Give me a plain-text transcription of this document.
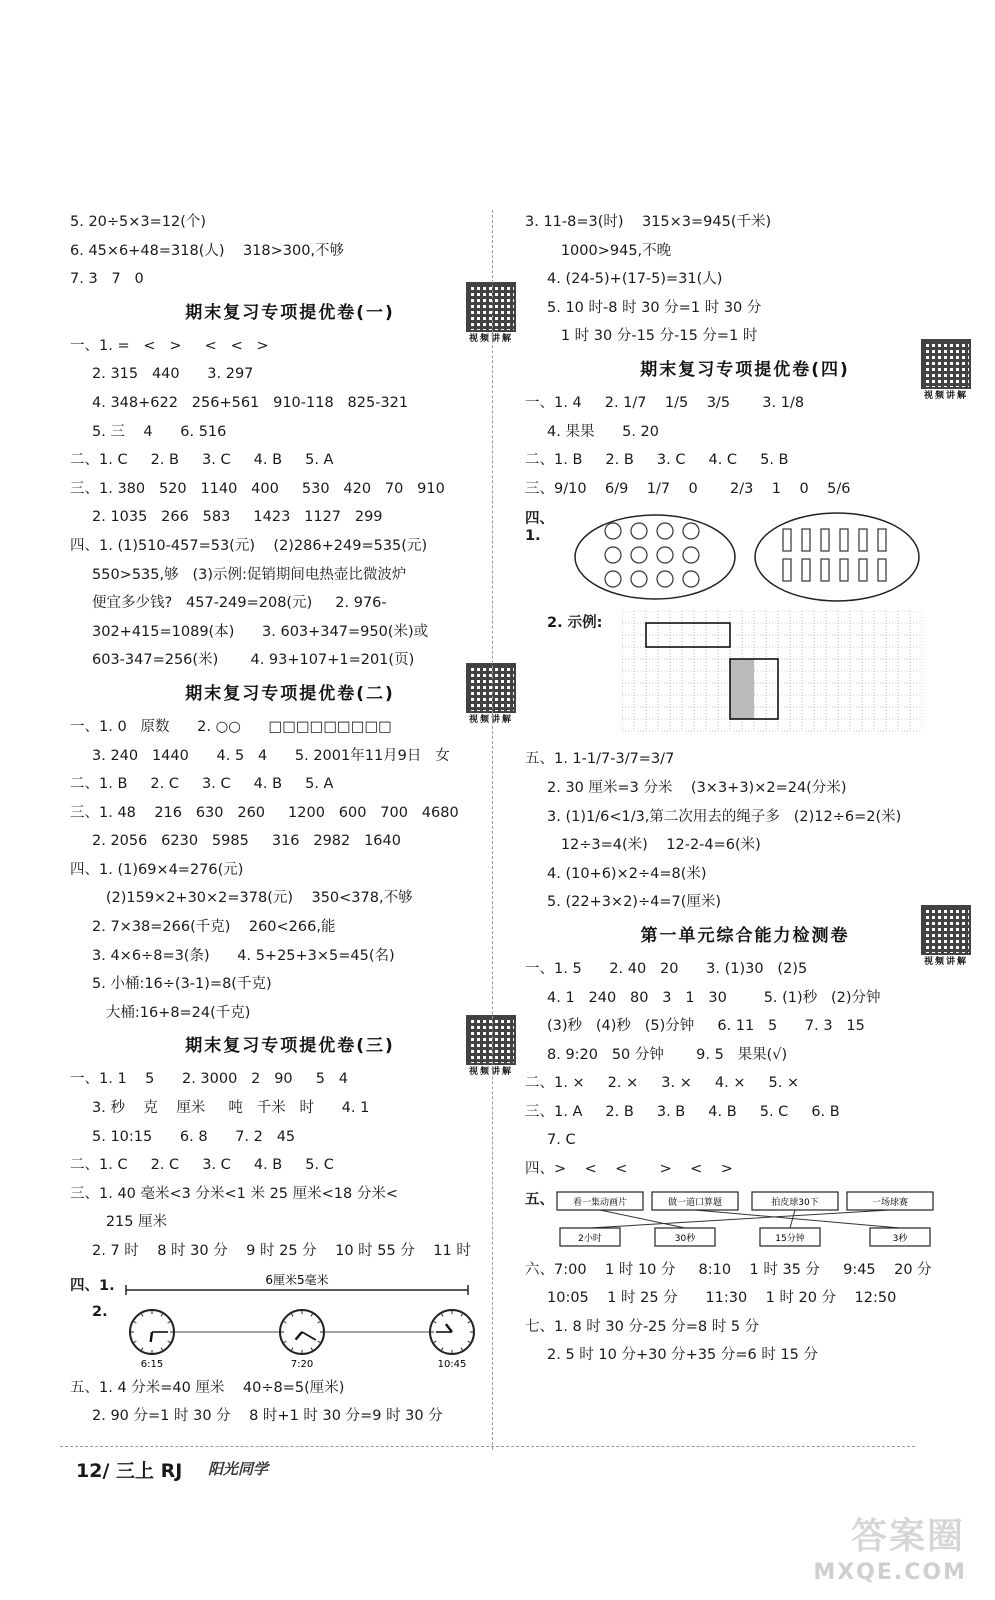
5. 20÷5×3=12(个)
6. 45×6+48=318(人)    318>300,不够
7. 3   7   0
期末复习专项提优卷(一)
视频讲解
一、1. =   <   >     <   <   >
2. 315   440      3. 297
4. 348+622   256+561   910-118   825-321
5. 三    4      6. 516
二、1. C     2. B     3. C     4. B     5. A
三、1. 380   520   1140   400     530   420   70   910
2. 1035   266   583     1423   1127   299
四、1. (1)510-457=53(元)    (2)286+249=535(元)
550>535,够   (3)示例:促销期间电热壶比微波炉
便宜多少钱?   457-249=208(元)     2. 976-
302+415=1089(本)      3. 603+347=950(米)或
603-347=256(米)       4. 93+107+1=201(页)
期末复习专项提优卷(二)
视频讲解
一、1. 0   原数      2. ○○      □□□□□□□□□
3. 240   1440      4. 5   4      5. 2001年11月9日   女
二、1. B     2. C     3. C     4. B     5. A
三、1. 48    216   630   260     1200   600   700   4680
2. 2056   6230   5985     316   2982   1640
四、1. (1)69×4=276(元)
(2)159×2+30×2=378(元)    350<378,不够
2. 7×38=266(千克)    260<266,能
3. 4×6÷8=3(条)      4. 5+25+3×5=45(名)
5. 小桶:16÷(3-1)=8(千克)
大桶:16+8=24(千克)
期末复习专项提优卷(三)
视频讲解
一、1. 1    5      2. 3000   2   90     5   4
3. 秒    克    厘米     吨   千米   时      4. 1
5. 10:15      6. 8      7. 2   45
二、1. C     2. C     3. C     4. B     5. C
三、1. 40 毫米<3 分米<1 米 25 厘米<18 分米<
215 厘米
2. 7 时    8 时 30 分    9 时 25 分    10 时 55 分    11 时
四、1.	6厘米5毫米
2.
6:15	7:20	10:45
五、1. 4 分米=40 厘米    40÷8=5(厘米)
2. 90 分=1 时 30 分    8 时+1 时 30 分=9 时 30 分
3. 11-8=3(时)    315×3=945(千米)
1000>945,不晚
4. (24-5)+(17-5)=31(人)
5. 10 时-8 时 30 分=1 时 30 分
1 时 30 分-15 分-15 分=1 时
期末复习专项提优卷(四)
视频讲解
一、1. 4     2. 1/7    1/5    3/5       3. 1/8
4. 果果      5. 20
二、1. B     2. B     3. C     4. C     5. B
三、9/10    6/9    1/7    0       2/3    1    0    5/6
四、1.
2. 示例:
五、1. 1-1/7-3/7=3/7
2. 30 厘米=3 分米    (3×3+3)×2=24(分米)
3. (1)1/6<1/3,第二次用去的绳子多   (2)12÷6=2(米)
12÷3=4(米)    12-2-4=6(米)
4. (10+6)×2÷4=8(米)
5. (22+3×2)÷4=7(厘米)
第一单元综合能力检测卷
视频讲解
一、1. 5      2. 40   20      3. (1)30   (2)5
4. 1   240   80   3   1   30        5. (1)秒   (2)分钟
(3)秒   (4)秒   (5)分钟     6. 11   5      7. 3   15
8. 9:20   50 分钟       9. 5   果果(√)
二、1. ×     2. ×     3. ×     4. ×     5. ×
三、1. A     2. B     3. B     4. B     5. C     6. B
7. C
四、>    <    <       >    <    >
五、 看一集动画片	做一道口算题	拍皮球30下	一场球赛
2小时	30秒	15分钟	3秒
六、7:00    1 时 10 分     8:10    1 时 35 分     9:45    20 分
10:05    1 时 25 分      11:30    1 时 20 分    12:50
七、1. 8 时 30 分-25 分=8 时 5 分
2. 5 时 10 分+30 分+35 分=6 时 15 分
12/ 三上 RJ 阳光同学
答案圈
MXQE.COM
